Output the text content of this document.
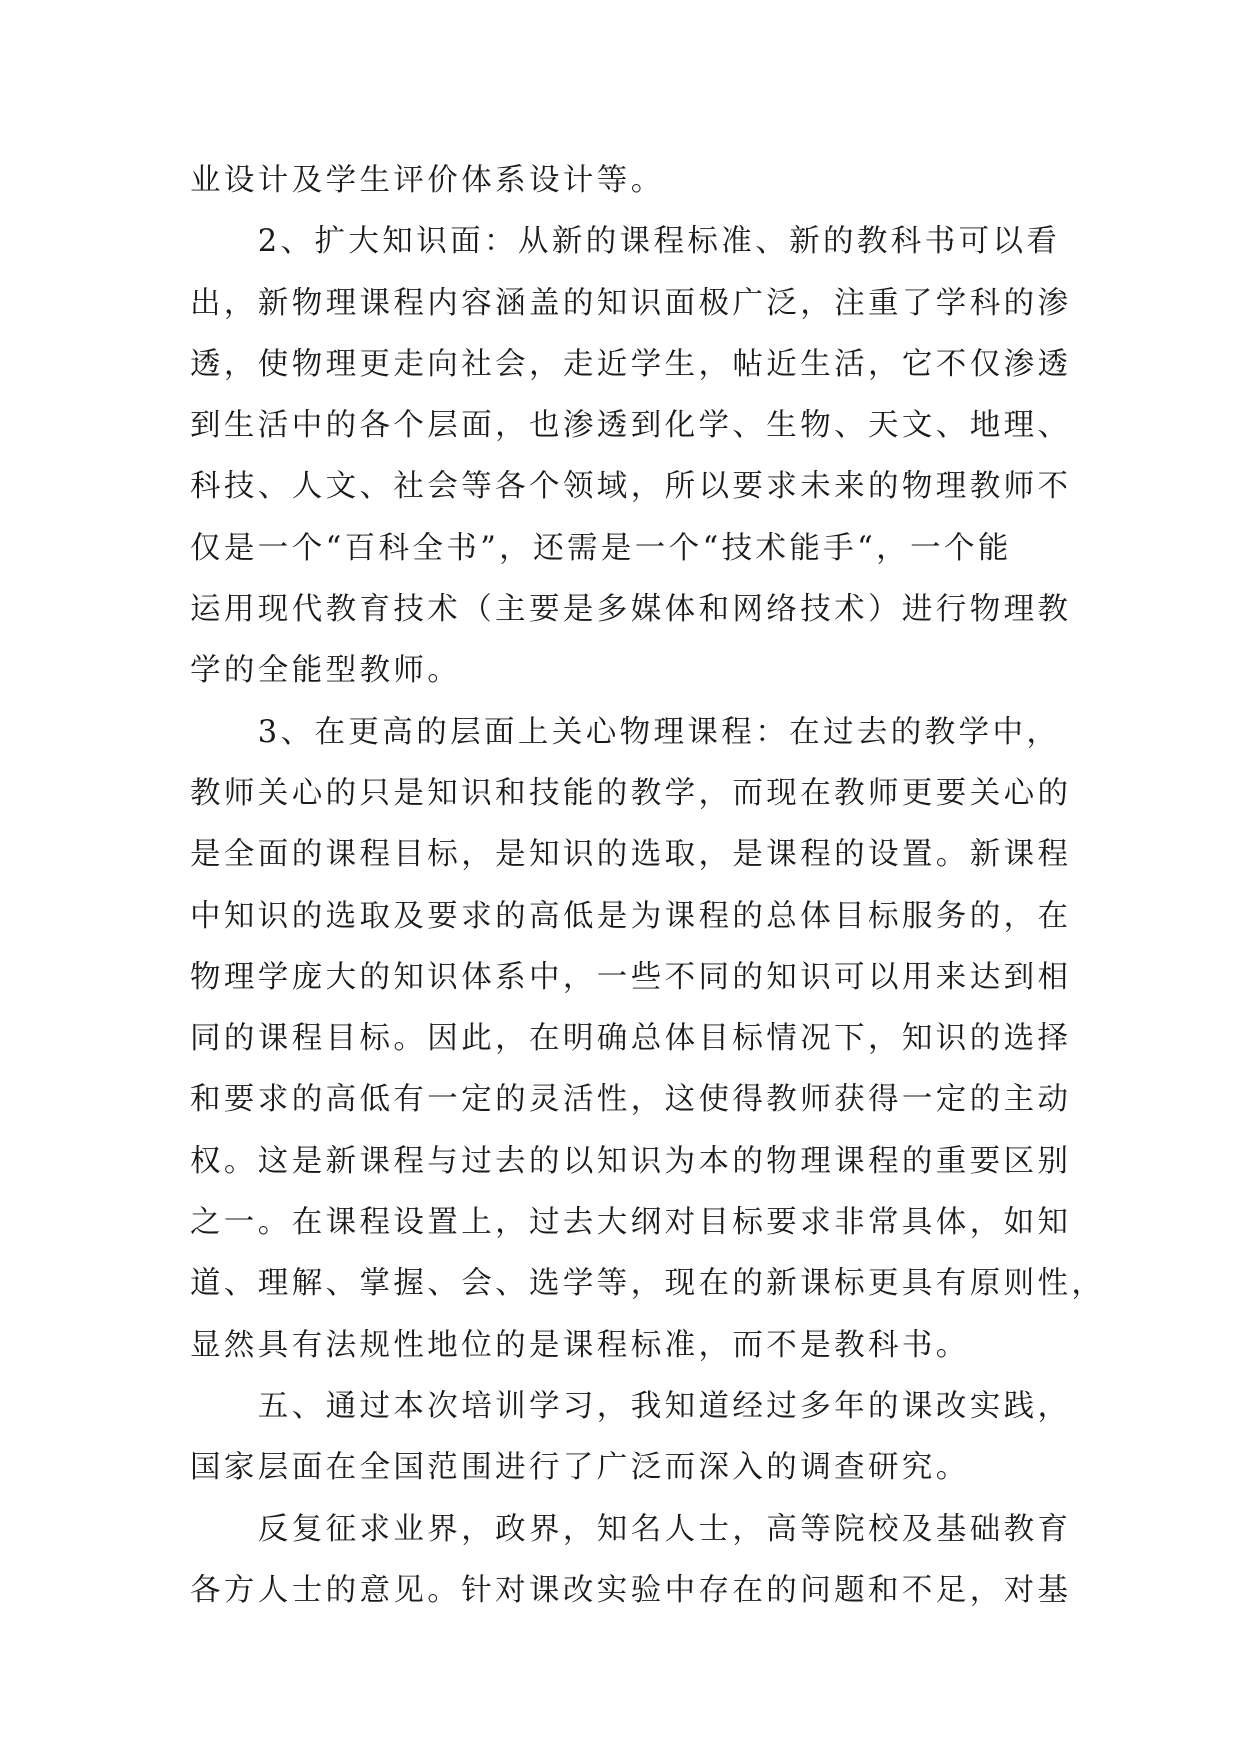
业设计及学生评价体系设计等。
　　2、扩大知识面：从新的课程标准、新的教科书可以看
出，新物理课程内容涵盖的知识面极广泛，注重了学科的渗
透，使物理更走向社会，走近学生，帖近生活，它不仅渗透
到生活中的各个层面，也渗透到化学、生物、天文、地理、
科技、人文、社会等各个领域，所以要求未来的物理教师不
仅是一个“百科全书”，还需是一个“技术能手“，一个能
运用现代教育技术（主要是多媒体和网络技术）进行物理教
学的全能型教师。
　　3、在更高的层面上关心物理课程：在过去的教学中，
教师关心的只是知识和技能的教学，而现在教师更要关心的
是全面的课程目标，是知识的选取，是课程的设置。新课程
中知识的选取及要求的高低是为课程的总体目标服务的，在
物理学庞大的知识体系中，一些不同的知识可以用来达到相
同的课程目标。因此，在明确总体目标情况下，知识的选择
和要求的高低有一定的灵活性，这使得教师获得一定的主动
权。这是新课程与过去的以知识为本的物理课程的重要区别
之一。在课程设置上，过去大纲对目标要求非常具体，如知
道、理解、掌握、会、选学等，现在的新课标更具有原则性，
显然具有法规性地位的是课程标准，而不是教科书。
　　五、通过本次培训学习，我知道经过多年的课改实践，
国家层面在全国范围进行了广泛而深入的调查研究。
　　反复征求业界，政界，知名人士，高等院校及基础教育
各方人士的意见。针对课改实验中存在的问题和不足，对基
